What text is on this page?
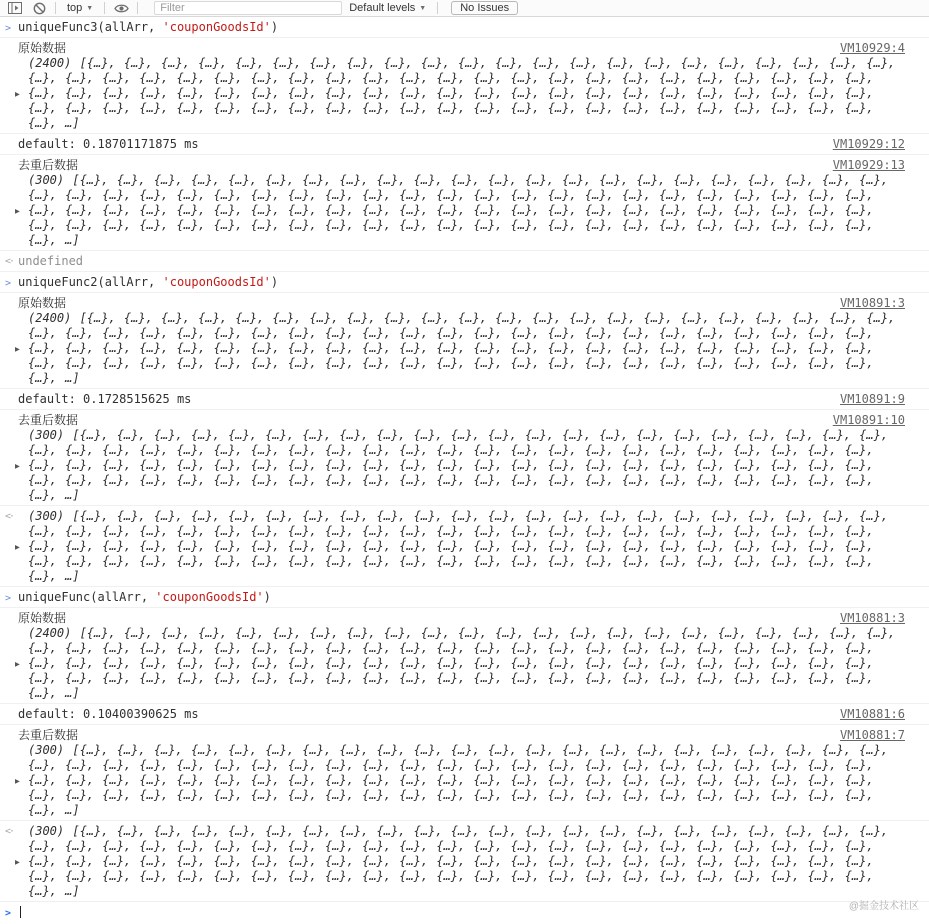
top ▼
Filter	Default levels ▼	No Issues
> uniqueFunc3(allArr, 'couponGoodsId')
VM10929:4
原始数据
▶
(2400) [{…}, {…}, {…}, {…}, {…}, {…}, {…}, {…}, {…}, {…}, {…}, {…}, {…}, {…}, {…}, {…}, {…}, {…}, {…}, {…}, {…}, {…}, {…}, {…}, {…}, {…}, {…}, {…}, {…}, {…}, {…}, {…}, {…}, {…}, {…}, {…}, {…}, {…}, {…}, {…}, {…}, {…}, {…}, {…}, {…}, {…}, {…}, {…}, {…}, {…}, {…}, {…}, {…}, {…}, {…}, {…}, {…}, {…}, {…}, {…}, {…}, {…}, {…}, {…}, {…}, {…}, {…}, {…}, {…}, {…}, {…}, {…}, {…}, {…}, {…}, {…}, {…}, {…}, {…}, {…}, {…}, {…}, {…}, {…}, {…}, {…}, {…}, {…}, {…}, {…}, {…}, {…}, …]
VM10929:12
default: 0.18701171875 ms
VM10929:13
去重后数据
▶
(300) [{…}, {…}, {…}, {…}, {…}, {…}, {…}, {…}, {…}, {…}, {…}, {…}, {…}, {…}, {…}, {…}, {…}, {…}, {…}, {…}, {…}, {…}, {…}, {…}, {…}, {…}, {…}, {…}, {…}, {…}, {…}, {…}, {…}, {…}, {…}, {…}, {…}, {…}, {…}, {…}, {…}, {…}, {…}, {…}, {…}, {…}, {…}, {…}, {…}, {…}, {…}, {…}, {…}, {…}, {…}, {…}, {…}, {…}, {…}, {…}, {…}, {…}, {…}, {…}, {…}, {…}, {…}, {…}, {…}, {…}, {…}, {…}, {…}, {…}, {…}, {…}, {…}, {…}, {…}, {…}, {…}, {…}, {…}, {…}, {…}, {…}, {…}, {…}, {…}, {…}, {…}, {…}, …]
<· undefined
> uniqueFunc2(allArr, 'couponGoodsId')
VM10891:3
原始数据
▶
(2400) [{…}, {…}, {…}, {…}, {…}, {…}, {…}, {…}, {…}, {…}, {…}, {…}, {…}, {…}, {…}, {…}, {…}, {…}, {…}, {…}, {…}, {…}, {…}, {…}, {…}, {…}, {…}, {…}, {…}, {…}, {…}, {…}, {…}, {…}, {…}, {…}, {…}, {…}, {…}, {…}, {…}, {…}, {…}, {…}, {…}, {…}, {…}, {…}, {…}, {…}, {…}, {…}, {…}, {…}, {…}, {…}, {…}, {…}, {…}, {…}, {…}, {…}, {…}, {…}, {…}, {…}, {…}, {…}, {…}, {…}, {…}, {…}, {…}, {…}, {…}, {…}, {…}, {…}, {…}, {…}, {…}, {…}, {…}, {…}, {…}, {…}, {…}, {…}, {…}, {…}, {…}, {…}, …]
VM10891:9
default: 0.1728515625 ms
VM10891:10
去重后数据
▶
(300) [{…}, {…}, {…}, {…}, {…}, {…}, {…}, {…}, {…}, {…}, {…}, {…}, {…}, {…}, {…}, {…}, {…}, {…}, {…}, {…}, {…}, {…}, {…}, {…}, {…}, {…}, {…}, {…}, {…}, {…}, {…}, {…}, {…}, {…}, {…}, {…}, {…}, {…}, {…}, {…}, {…}, {…}, {…}, {…}, {…}, {…}, {…}, {…}, {…}, {…}, {…}, {…}, {…}, {…}, {…}, {…}, {…}, {…}, {…}, {…}, {…}, {…}, {…}, {…}, {…}, {…}, {…}, {…}, {…}, {…}, {…}, {…}, {…}, {…}, {…}, {…}, {…}, {…}, {…}, {…}, {…}, {…}, {…}, {…}, {…}, {…}, {…}, {…}, {…}, {…}, {…}, {…}, …]
<·
▶
(300) [{…}, {…}, {…}, {…}, {…}, {…}, {…}, {…}, {…}, {…}, {…}, {…}, {…}, {…}, {…}, {…}, {…}, {…}, {…}, {…}, {…}, {…}, {…}, {…}, {…}, {…}, {…}, {…}, {…}, {…}, {…}, {…}, {…}, {…}, {…}, {…}, {…}, {…}, {…}, {…}, {…}, {…}, {…}, {…}, {…}, {…}, {…}, {…}, {…}, {…}, {…}, {…}, {…}, {…}, {…}, {…}, {…}, {…}, {…}, {…}, {…}, {…}, {…}, {…}, {…}, {…}, {…}, {…}, {…}, {…}, {…}, {…}, {…}, {…}, {…}, {…}, {…}, {…}, {…}, {…}, {…}, {…}, {…}, {…}, {…}, {…}, {…}, {…}, {…}, {…}, {…}, {…}, …]
> uniqueFunc(allArr, 'couponGoodsId')
VM10881:3
原始数据
▶
(2400) [{…}, {…}, {…}, {…}, {…}, {…}, {…}, {…}, {…}, {…}, {…}, {…}, {…}, {…}, {…}, {…}, {…}, {…}, {…}, {…}, {…}, {…}, {…}, {…}, {…}, {…}, {…}, {…}, {…}, {…}, {…}, {…}, {…}, {…}, {…}, {…}, {…}, {…}, {…}, {…}, {…}, {…}, {…}, {…}, {…}, {…}, {…}, {…}, {…}, {…}, {…}, {…}, {…}, {…}, {…}, {…}, {…}, {…}, {…}, {…}, {…}, {…}, {…}, {…}, {…}, {…}, {…}, {…}, {…}, {…}, {…}, {…}, {…}, {…}, {…}, {…}, {…}, {…}, {…}, {…}, {…}, {…}, {…}, {…}, {…}, {…}, {…}, {…}, {…}, {…}, {…}, {…}, …]
VM10881:6
default: 0.10400390625 ms
VM10881:7
去重后数据
▶
(300) [{…}, {…}, {…}, {…}, {…}, {…}, {…}, {…}, {…}, {…}, {…}, {…}, {…}, {…}, {…}, {…}, {…}, {…}, {…}, {…}, {…}, {…}, {…}, {…}, {…}, {…}, {…}, {…}, {…}, {…}, {…}, {…}, {…}, {…}, {…}, {…}, {…}, {…}, {…}, {…}, {…}, {…}, {…}, {…}, {…}, {…}, {…}, {…}, {…}, {…}, {…}, {…}, {…}, {…}, {…}, {…}, {…}, {…}, {…}, {…}, {…}, {…}, {…}, {…}, {…}, {…}, {…}, {…}, {…}, {…}, {…}, {…}, {…}, {…}, {…}, {…}, {…}, {…}, {…}, {…}, {…}, {…}, {…}, {…}, {…}, {…}, {…}, {…}, {…}, {…}, {…}, {…}, …]
<·
▶
(300) [{…}, {…}, {…}, {…}, {…}, {…}, {…}, {…}, {…}, {…}, {…}, {…}, {…}, {…}, {…}, {…}, {…}, {…}, {…}, {…}, {…}, {…}, {…}, {…}, {…}, {…}, {…}, {…}, {…}, {…}, {…}, {…}, {…}, {…}, {…}, {…}, {…}, {…}, {…}, {…}, {…}, {…}, {…}, {…}, {…}, {…}, {…}, {…}, {…}, {…}, {…}, {…}, {…}, {…}, {…}, {…}, {…}, {…}, {…}, {…}, {…}, {…}, {…}, {…}, {…}, {…}, {…}, {…}, {…}, {…}, {…}, {…}, {…}, {…}, {…}, {…}, {…}, {…}, {…}, {…}, {…}, {…}, {…}, {…}, {…}, {…}, {…}, {…}, {…}, {…}, {…}, {…}, …]
>
@掘金技术社区
